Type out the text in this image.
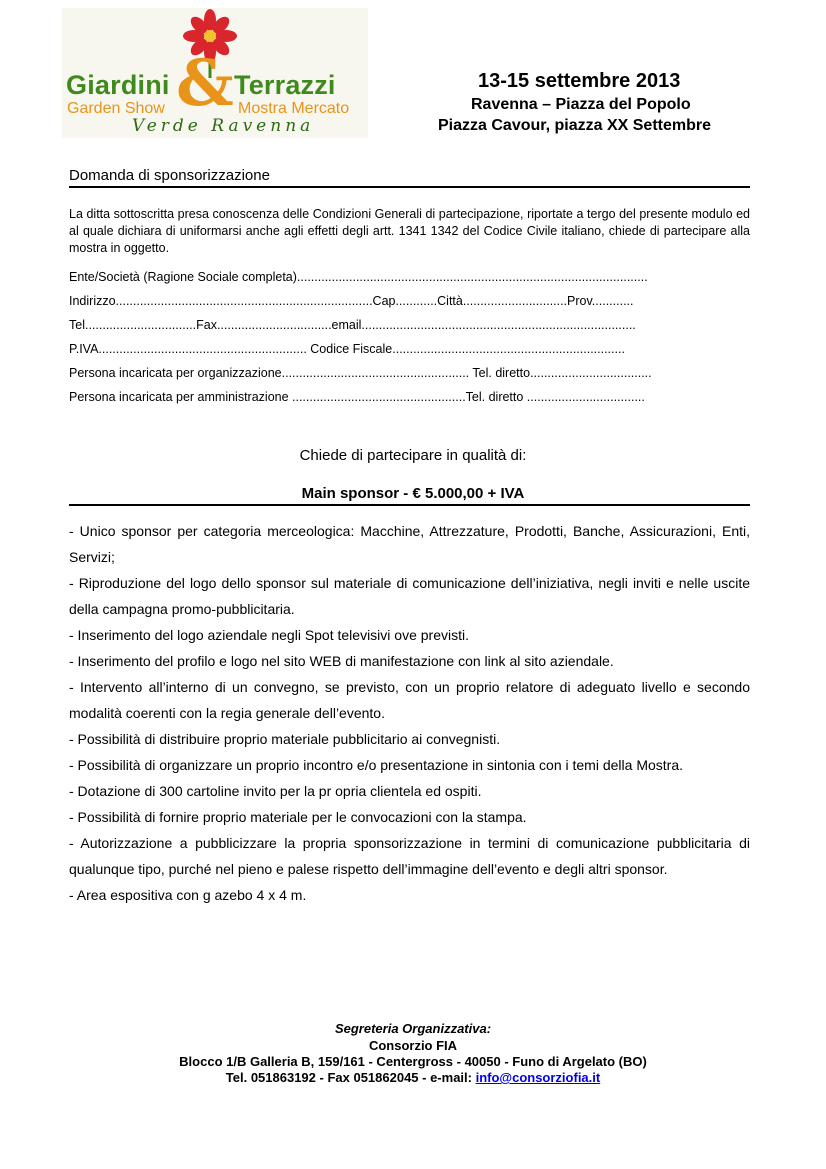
Giardini & Terrazzi
Garden Show	Mostra Mercato
Verde Ravenna
13-15 settembre 2013
Ravenna – Piazza del Popolo
Piazza Cavour, piazza XX Settembre
Domanda di sponsorizzazione
La ditta sottoscritta presa conoscenza delle Condizioni Generali di partecipazione, riportate a tergo del presente modulo ed al quale dichiara di uniformarsi anche agli effetti degli artt. 1341 1342 del Codice Civile italiano, chiede di partecipare alla mostra in oggetto.
Ente/Società (Ragione Sociale completa).....................................................................................................
Indirizzo..........................................................................Cap............Città..............................Prov............
Tel................................Fax.................................email...............................................................................
P.IVA............................................................ Codice Fiscale...................................................................
Persona incaricata per organizzazione...................................................... Tel. diretto...................................
Persona incaricata per amministrazione ..................................................Tel. diretto ..................................
Chiede di partecipare in qualità di:
Main sponsor - € 5.000,00 + IVA
- Unico sponsor per categoria merceologica: Macchine, Attrezzature, Prodotti, Banche, Assicurazioni, Enti, Servizi;
- Riproduzione del logo dello sponsor sul materiale di comunicazione dell’iniziativa, negli inviti e nelle uscite della campagna promo-pubblicitaria.
- Inserimento del logo aziendale negli Spot televisivi ove previsti.
- Inserimento del profilo e logo nel sito WEB di manifestazione con link al sito aziendale.
- Intervento all’interno di un convegno, se previsto, con un proprio relatore di adeguato livello e secondo modalità coerenti con la regia generale dell’evento.
- Possibilità di distribuire proprio materiale pubblicitario ai convegnisti.
- Possibilità di organizzare un proprio incontro e/o presentazione in sintonia con i temi della Mostra.
- Dotazione di 300 cartoline invito per la pr opria clientela ed ospiti.
- Possibilità di fornire proprio materiale per le convocazioni con la stampa.
- Autorizzazione a pubblicizzare la propria sponsorizzazione in termini di comunicazione pubblicitaria di qualunque tipo, purché nel pieno e palese rispetto dell’immagine dell’evento e degli altri sponsor.
- Area espositiva con g azebo 4 x 4 m.
Segreteria Organizzativa:
Consorzio FIA
Blocco 1/B Galleria B, 159/161 - Centergross - 40050 - Funo di Argelato (BO)
Tel. 051863192 - Fax 051862045 - e-mail: info@consorziofia.it
